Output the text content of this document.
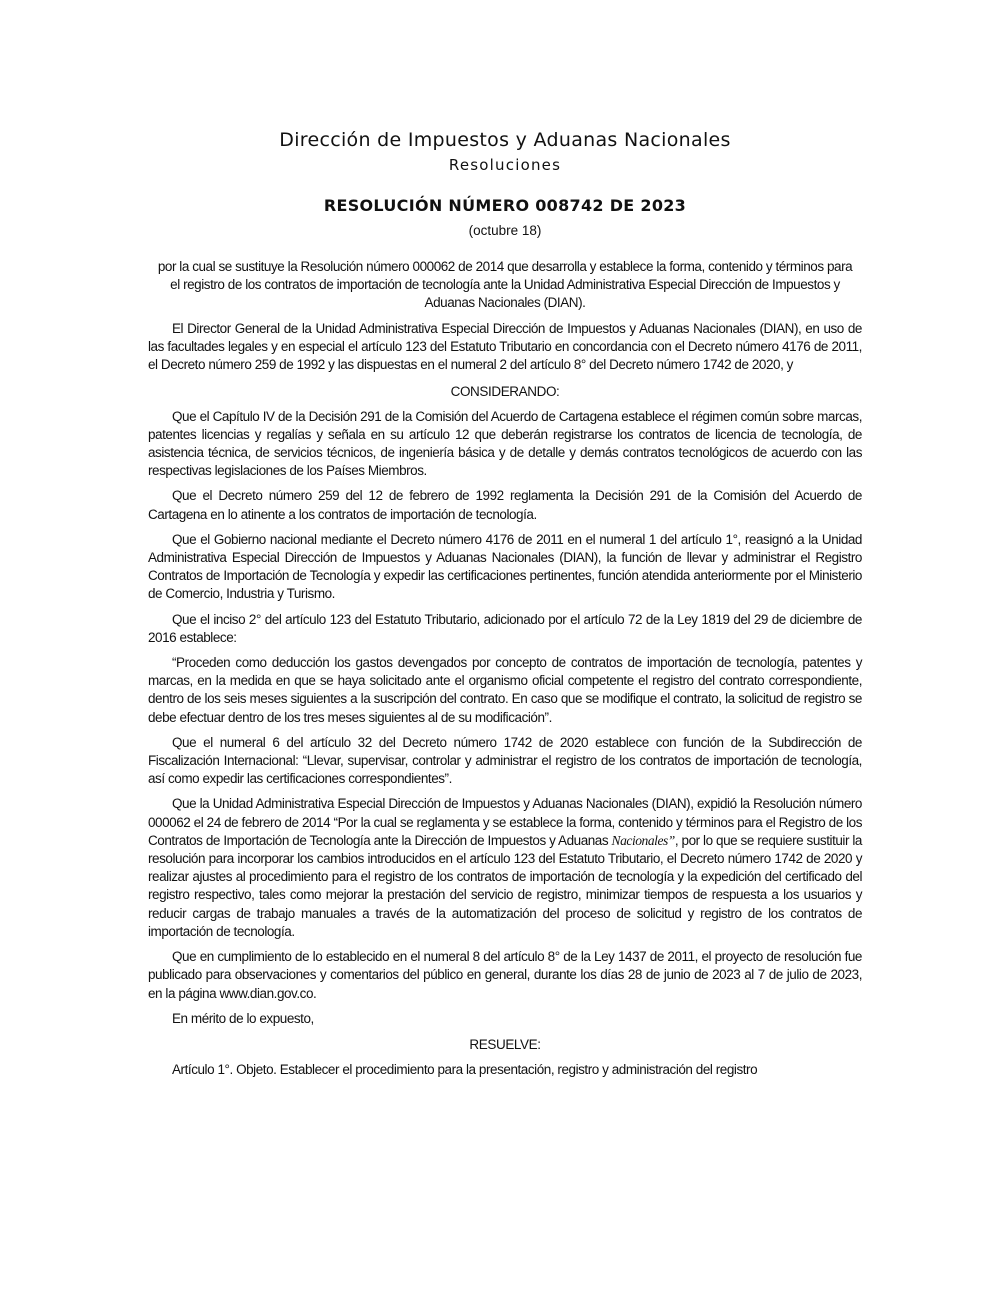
Dirección de Impuestos y Aduanas Nacionales

Resoluciones

RESOLUCIÓN NÚMERO 008742 DE 2023

(octubre 18)

por la cual se sustituye la Resolución número 000062 de 2014 que desarrolla y establece la forma, contenido y términos para el registro de los contratos de importación de tecnología ante la Unidad Administrativa Especial Dirección de Impuestos y Aduanas Nacionales (DIAN).

El Director General de la Unidad Administrativa Especial Dirección de Impuestos y Aduanas Nacionales (DIAN), en uso de las facultades legales y en especial el artículo 123 del Estatuto Tributario en concordancia con el Decreto número 4176 de 2011, el Decreto número 259 de 1992 y las dispuestas en el numeral 2 del artículo 8° del Decreto número 1742 de 2020, y

CONSIDERANDO:

Que el Capítulo IV de la Decisión 291 de la Comisión del Acuerdo de Cartagena establece el régimen común sobre marcas, patentes licencias y regalías y señala en su artículo 12 que deberán registrarse los contratos de licencia de tecnología, de asistencia técnica, de servicios técnicos, de ingeniería básica y de detalle y demás contratos tecnológicos de acuerdo con las respectivas legislaciones de los Países Miembros.

Que el Decreto número 259 del 12 de febrero de 1992 reglamenta la Decisión 291 de la Comisión del Acuerdo de Cartagena en lo atinente a los contratos de importación de tecnología.

Que el Gobierno nacional mediante el Decreto número 4176 de 2011 en el numeral 1 del artículo 1°, reasignó a la Unidad Administrativa Especial Dirección de Impuestos y Aduanas Nacionales (DIAN), la función de llevar y administrar el Registro Contratos de Importación de Tecnología y expedir las certificaciones pertinentes, función atendida anteriormente por el Ministerio de Comercio, Industria y Turismo.

Que el inciso 2° del artículo 123 del Estatuto Tributario, adicionado por el artículo 72 de la Ley 1819 del 29 de diciembre de 2016 establece:

“Proceden como deducción los gastos devengados por concepto de contratos de importación de tecnología, patentes y marcas, en la medida en que se haya solicitado ante el organismo oficial competente el registro del contrato correspondiente, dentro de los seis meses siguientes a la suscripción del contrato. En caso que se modifique el contrato, la solicitud de registro se debe efectuar dentro de los tres meses siguientes al de su modificación”.

Que el numeral 6 del artículo 32 del Decreto número 1742 de 2020 establece con función de la Subdirección de Fiscalización Internacional: “Llevar, supervisar, controlar y administrar el registro de los contratos de importación de tecnología, así como expedir las certificaciones correspondientes”.

Que la Unidad Administrativa Especial Dirección de Impuestos y Aduanas Nacionales (DIAN), expidió la Resolución número 000062 el 24 de febrero de 2014 “Por la cual se reglamenta y se establece la forma, contenido y términos para el Registro de los Contratos de Importación de Tecnología ante la Dirección de Impuestos y Aduanas Nacionales”, por lo que se requiere sustituir la resolución para incorporar los cambios introducidos en el artículo 123 del Estatuto Tributario, el Decreto número 1742 de 2020 y realizar ajustes al procedimiento para el registro de los contratos de importación de tecnología y la expedición del certificado del registro respectivo, tales como mejorar la prestación del servicio de registro, minimizar tiempos de respuesta a los usuarios y reducir cargas de trabajo manuales a través de la automatización del proceso de solicitud y registro de los contratos de importación de tecnología.

Que en cumplimiento de lo establecido en el numeral 8 del artículo 8° de la Ley 1437 de 2011, el proyecto de resolución fue publicado para observaciones y comentarios del público en general, durante los días 28 de junio de 2023 al 7 de julio de 2023, en la página www.dian.gov.co.

En mérito de lo expuesto,

RESUELVE:

Artículo 1°. Objeto. Establecer el procedimiento para la presentación, registro y administración del registro
